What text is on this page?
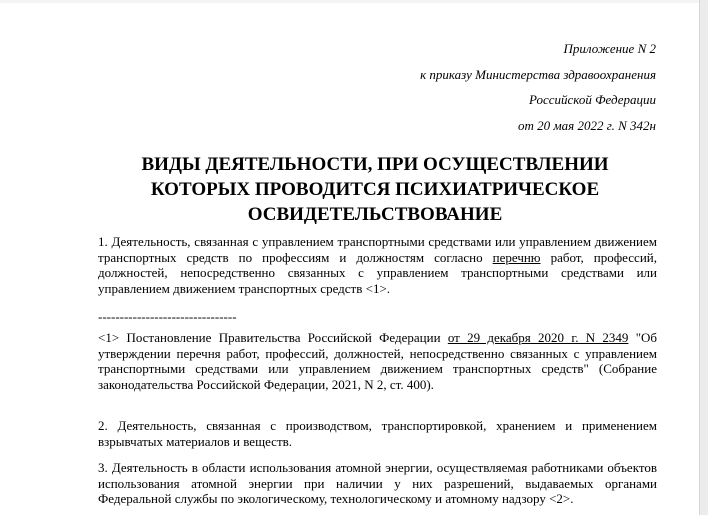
Приложение N 2
к приказу Министерства здравоохранения
Российской Федерации
от 20 мая 2022 г. N 342н
ВИДЫ ДЕЯТЕЛЬНОСТИ, ПРИ ОСУЩЕСТВЛЕНИИ
КОТОРЫХ ПРОВОДИТСЯ ПСИХИАТРИЧЕСКОЕ
ОСВИДЕТЕЛЬСТВОВАНИЕ

1. Деятельность, связанная с управлением транспортными средствами или управлением движением транспортных средств по профессиям и должностям согласно перечню работ, профессий, должностей, непосредственно связанных с управлением транспортными средствами или управлением движением транспортных средств <1>.

--------------------------------

<1> Постановление Правительства Российской Федерации от 29 декабря 2020 г. N 2349 "Об утверждении перечня работ, профессий, должностей, непосредственно связанных с управлением транспортными средствами или управлением движением транспортных средств" (Собрание законодательства Российской Федерации, 2021, N 2, ст. 400).

2. Деятельность, связанная с производством, транспортировкой, хранением и применением взрывчатых материалов и веществ.

3. Деятельность в области использования атомной энергии, осуществляемая работниками объектов использования атомной энергии при наличии у них разрешений, выдаваемых органами Федеральной службы по экологическому, технологическому и атомному надзору <2>.
